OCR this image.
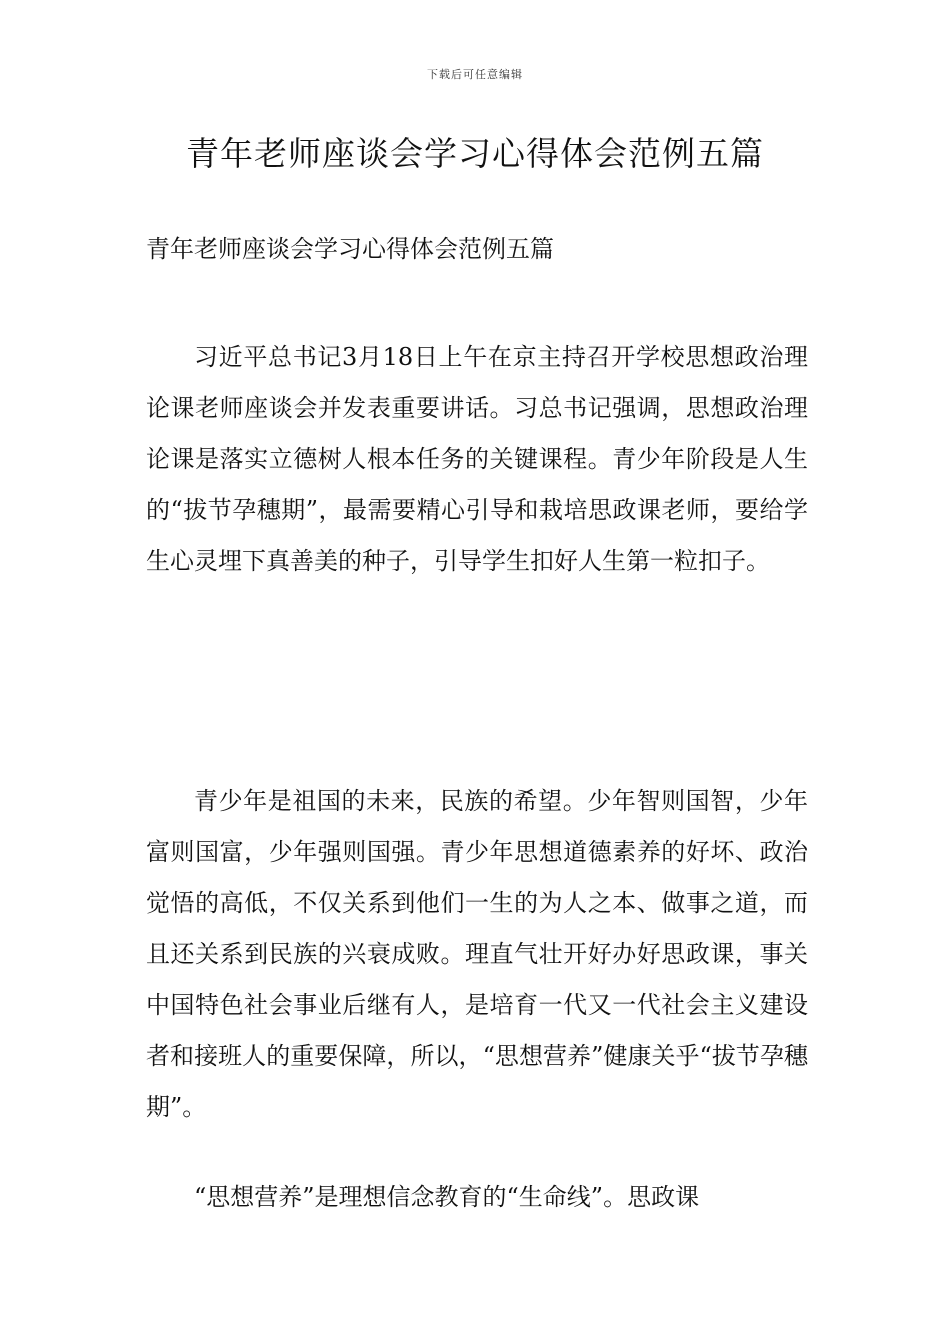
下载后可任意编辑
青年老师座谈会学习心得体会范例五篇
青年老师座谈会学习心得体会范例五篇

习近平总书记3月18日上午在京主持召开学校思想政治理论课老师座谈会并发表重要讲话。习总书记强调，思想政治理论课是落实立德树人根本任务的关键课程。青少年阶段是人生的“拔节孕穗期”，最需要精心引导和栽培思政课老师，要给学生心灵埋下真善美的种子，引导学生扣好人生第一粒扣子。

青少年是祖国的未来，民族的希望。少年智则国智，少年富则国富，少年强则国强。青少年思想道德素养的好坏、政治觉悟的高低，不仅关系到他们一生的为人之本、做事之道，而且还关系到民族的兴衰成败。理直气壮开好办好思政课，事关中国特色社会事业后继有人，是培育一代又一代社会主义建设者和接班人的重要保障，所以，“思想营养”健康关乎“拔节孕穗期”。

“思想营养”是理想信念教育的“生命线”。思政课
